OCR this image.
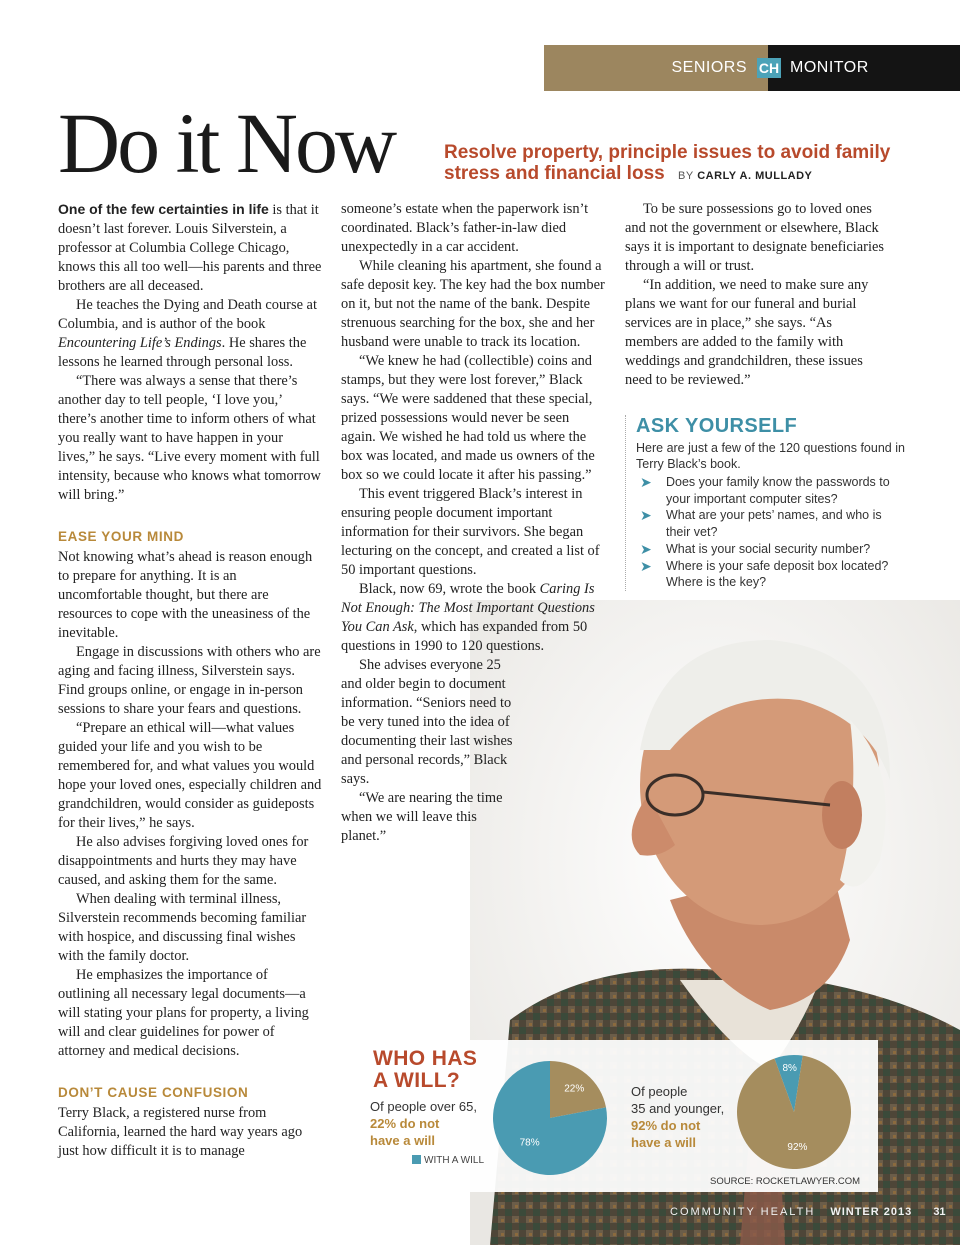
SENIORS CH MONITOR
Do it Now	Resolve property, principle issues to avoid family stress and financial loss BY CARLY A. MULLADY

One of the few certainties in life is that it doesn’t last forever. Louis Silverstein, a professor at Columbia College Chicago, knows this all too well—his parents and three brothers are all deceased.

He teaches the Dying and Death course at Columbia, and is author of the book Encountering Life’s Endings. He shares the lessons he learned through personal loss.

“There was always a sense that there’s another day to tell people, ‘I love you,’ there’s another time to inform others of what you really want to have happen in your lives,” he says. “Live every moment with full intensity, because who knows what tomorrow will bring.”

EASE YOUR MIND

Not knowing what’s ahead is reason enough to prepare for anything. It is an uncomfortable thought, but there are resources to cope with the uneasiness of the inevitable.

Engage in discussions with others who are aging and facing illness, Silverstein says. Find groups online, or engage in in-person sessions to share your fears and questions.

“Prepare an ethical will—what values guided your life and you wish to be remembered for, and what values you would hope your loved ones, especially children and grandchildren, would consider as guideposts for their lives,” he says.

He also advises forgiving loved ones for disappointments and hurts they may have caused, and asking them for the same.

When dealing with terminal illness, Silverstein recommends becoming familiar with hospice, and discussing final wishes with the family doctor.

He emphasizes the importance of outlining all necessary legal documents—a will stating your plans for property, a living will and clear guidelines for power of attorney and medical decisions.

DON’T CAUSE CONFUSION

Terry Black, a registered nurse from California, learned the hard way years ago just how difficult it is to manage

someone’s estate when the paperwork isn’t coordinated. Black’s father-in-law died unexpectedly in a car accident.

While cleaning his apartment, she found a safe deposit key. The key had the box number on it, but not the name of the bank. Despite strenuous searching for the box, she and her husband were unable to track its location.

“We knew he had (collectible) coins and stamps, but they were lost forever,” Black says. “We were saddened that these special, prized possessions would never be seen again. We wished he had told us where the box was located, and made us owners of the box so we could locate it after his passing.”

This event triggered Black’s interest in ensuring people document important information for their survivors. She began lecturing on the concept, and created a list of 50 important questions.

Black, now 69, wrote the book Caring Is Not Enough: The Most Important Questions You Can Ask, which has expanded from 50 questions in 1990 to 120 questions.

She advises everyone 25 and older begin to document information. “Seniors need to be very tuned into the idea of documenting their last wishes and personal records,” Black says.

“We are nearing the time when we will leave this planet.”

To be sure possessions go to loved ones and not the government or elsewhere, Black says it is important to designate beneficiaries through a will or trust.

“In addition, we need to make sure any plans we want for our funeral and burial services are in place,” she says. “As members are added to the family with weddings and grandchildren, these issues need to be reviewed.”

ASK YOURSELF

Here are just a few of the 120 questions found in Terry Black’s book.

➤ Does your family know the passwords to your important computer sites?
➤ What are your pets’ names, and who is their vet?
➤ What is your social security number?
➤ Where is your safe deposit box located? Where is the key?
WHO HAS
A WILL?
Of people over 65,
22% do not
have a will
WITH A WILL
22%
78%
Of people
35 and younger,
92% do not
have a will
8%
92%
SOURCE: ROCKETLAWYER.COM
COMMUNITY HEALTH WINTER 2013 31
